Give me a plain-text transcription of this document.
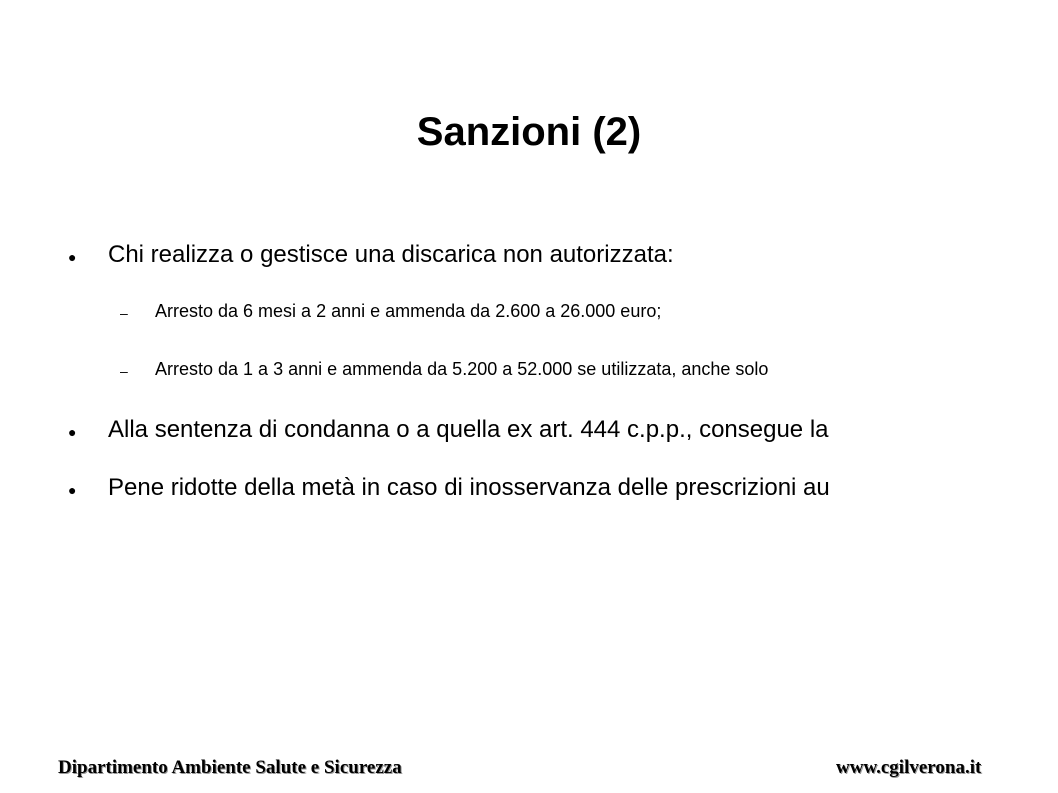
Sanzioni (2)
● Chi realizza o gestisce una discarica non autorizzata:
– Arresto da 6 mesi a 2 anni e ammenda da 2.600 a 26.000 euro;
– Arresto da 1 a 3 anni e ammenda da 5.200 a 52.000 se utilizzata, anche solo
● Alla sentenza di condanna o a quella ex art. 444 c.p.p., consegue la
● Pene ridotte della metà in caso di inosservanza delle prescrizioni au
Dipartimento Ambiente Salute e Sicurezza	www.cgilverona.it
